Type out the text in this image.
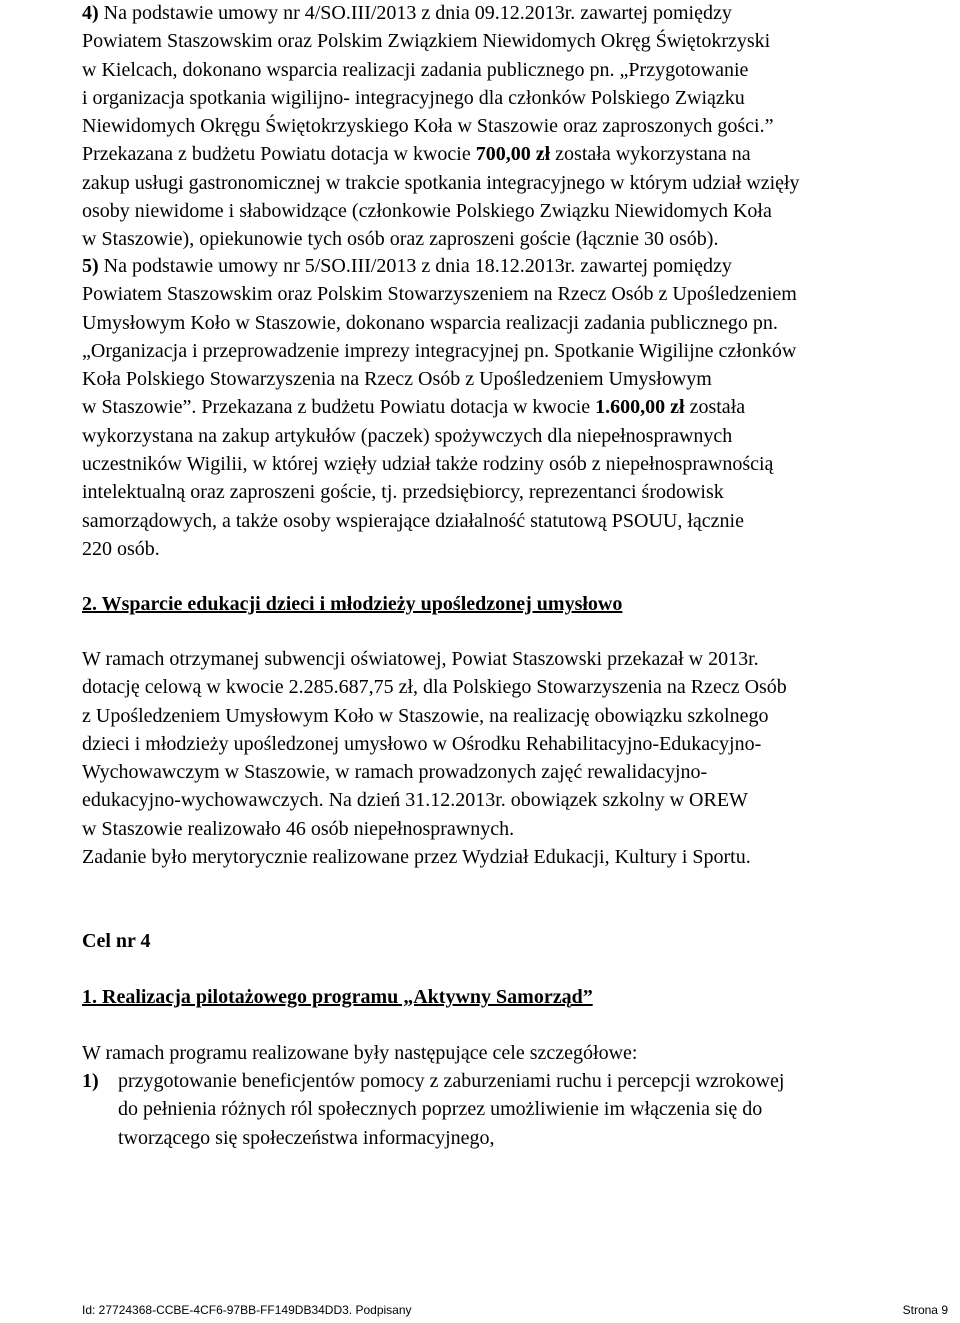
4) Na podstawie umowy nr 4/SO.III/2013 z dnia 09.12.2013r. zawartej pomiędzy
Powiatem Staszowskim oraz Polskim Związkiem Niewidomych Okręg Świętokrzyski
w Kielcach, dokonano wsparcia realizacji zadania publicznego pn. „Przygotowanie
i organizacja spotkania wigilijno- integracyjnego dla członków Polskiego Związku
Niewidomych Okręgu Świętokrzyskiego Koła w Staszowie oraz zaproszonych gości.”
Przekazana z budżetu Powiatu dotacja w kwocie 700,00 zł została wykorzystana na
zakup usługi gastronomicznej w trakcie spotkania integracyjnego w którym udział wzięły
osoby niewidome i słabowidzące (członkowie Polskiego Związku Niewidomych Koła
w Staszowie), opiekunowie tych osób oraz zaproszeni goście (łącznie 30 osób).
5) Na podstawie umowy nr 5/SO.III/2013 z dnia 18.12.2013r. zawartej pomiędzy
Powiatem Staszowskim oraz Polskim Stowarzyszeniem na Rzecz Osób z Upośledzeniem
Umysłowym Koło w Staszowie, dokonano wsparcia realizacji zadania publicznego pn.
„Organizacja i przeprowadzenie imprezy integracyjnej pn. Spotkanie Wigilijne członków
Koła Polskiego Stowarzyszenia na Rzecz Osób z Upośledzeniem Umysłowym
w Staszowie”. Przekazana z budżetu Powiatu dotacja w kwocie 1.600,00 zł została
wykorzystana na zakup artykułów (paczek) spożywczych dla niepełnosprawnych
uczestników Wigilii, w której wzięły udział także rodziny osób z niepełnosprawnością
intelektualną oraz zaproszeni goście, tj. przedsiębiorcy, reprezentanci środowisk
samorządowych, a także osoby wspierające działalność statutową PSOUU, łącznie
220 osób.
2. Wsparcie edukacji dzieci i młodzieży upośledzonej umysłowo
W ramach otrzymanej subwencji oświatowej, Powiat Staszowski przekazał w 2013r.
dotację celową w kwocie 2.285.687,75 zł, dla Polskiego Stowarzyszenia na Rzecz Osób
z Upośledzeniem Umysłowym Koło w Staszowie, na realizację obowiązku szkolnego
dzieci i młodzieży upośledzonej umysłowo w Ośrodku Rehabilitacyjno-Edukacyjno-
Wychowawczym w Staszowie, w ramach prowadzonych zajęć rewalidacyjno-
edukacyjno-wychowawczych. Na dzień 31.12.2013r. obowiązek szkolny w OREW
w Staszowie realizowało 46 osób niepełnosprawnych.
Zadanie było merytorycznie realizowane przez Wydział Edukacji, Kultury i Sportu.
Cel nr 4
1. Realizacja pilotażowego programu „Aktywny Samorząd”
W ramach programu realizowane były następujące cele szczegółowe:
1) przygotowanie beneficjentów pomocy z zaburzeniami ruchu i percepcji wzrokowej
do pełnienia różnych ról społecznych poprzez umożliwienie im włączenia się do
tworzącego się społeczeństwa informacyjnego,
Id: 27724368-CCBE-4CF6-97BB-FF149DB34DD3. Podpisany	Strona 9
